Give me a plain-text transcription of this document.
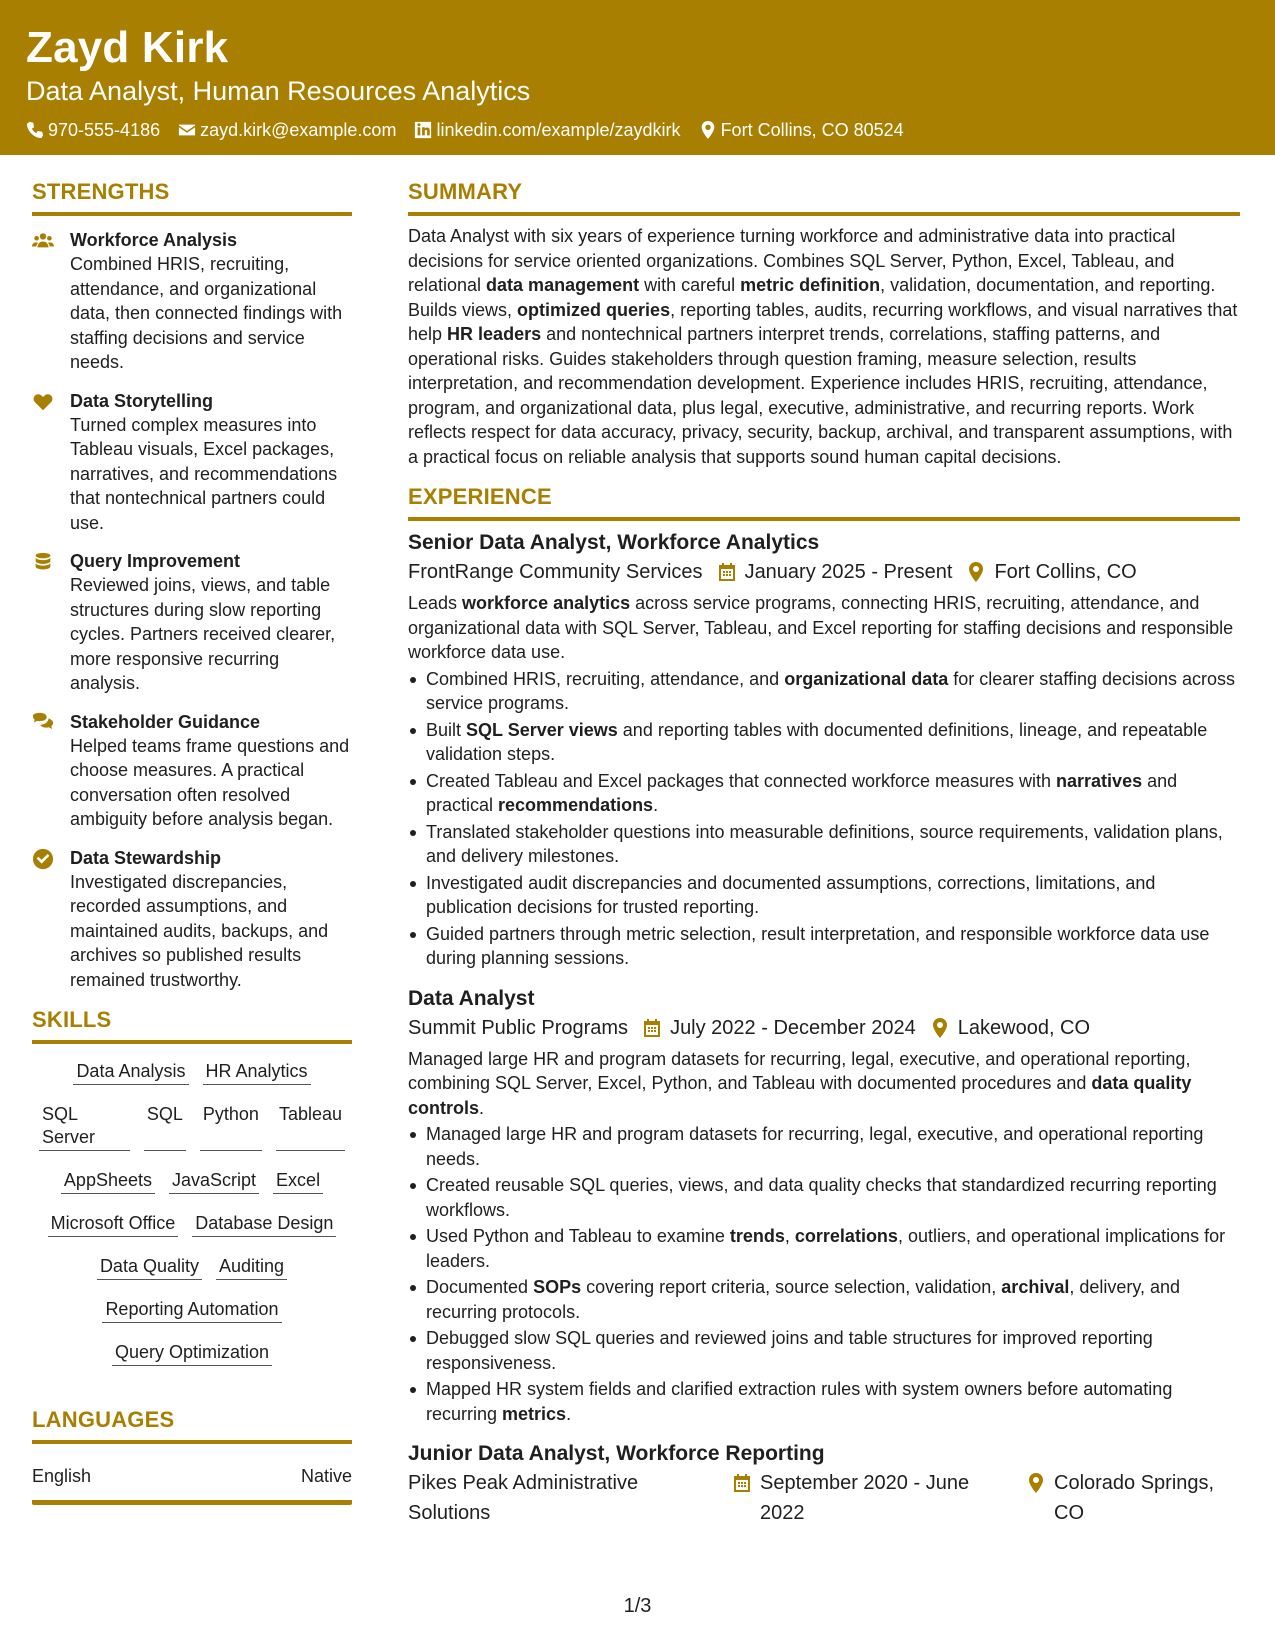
Zayd Kirk
Data Analyst, Human Resources Analytics
970-555-4186 zayd.kirk@example.com linkedin.com/example/zaydkirk Fort Collins, CO 80524
STRENGTHS
Workforce Analysis
Combined HRIS, recruiting, attendance, and organizational data, then connected findings with staffing decisions and service needs.
Data Storytelling
Turned complex measures into Tableau visuals, Excel packages, narratives, and recommendations that nontechnical partners could use.
Query Improvement
Reviewed joins, views, and table structures during slow reporting cycles. Partners received clearer, more responsive recurring analysis.
Stakeholder Guidance
Helped teams frame questions and choose measures. A practical conversation often resolved ambiguity before analysis began.
Data Stewardship
Investigated discrepancies, recorded assumptions, and maintained audits, backups, and archives so published results remained trustworthy.
SKILLS
Data Analysis HR Analytics
SQL Server
SQL Python Tableau
AppSheets JavaScript Excel
Microsoft Office Database Design
Data Quality Auditing
Reporting Automation
Query Optimization
LANGUAGES
English	Native
SUMMARY
Data Analyst with six years of experience turning workforce and administrative data into practical decisions for service oriented organizations. Combines SQL Server, Python, Excel, Tableau, and relational data management with careful metric definition, validation, documentation, and reporting. Builds views, optimized queries, reporting tables, audits, recurring workflows, and visual narratives that help HR leaders and nontechnical partners interpret trends, correlations, staffing patterns, and operational risks. Guides stakeholders through question framing, measure selection, results interpretation, and recommendation development. Experience includes HRIS, recruiting, attendance, program, and organizational data, plus legal, executive, administrative, and recurring reports. Work reflects respect for data accuracy, privacy, security, backup, archival, and transparent assumptions, with a practical focus on reliable analysis that supports sound human capital decisions.
EXPERIENCE
Senior Data Analyst, Workforce Analytics
FrontRange Community Services January 2025 - Present Fort Collins, CO
Leads workforce analytics across service programs, connecting HRIS, recruiting, attendance, and organizational data with SQL Server, Tableau, and Excel reporting for staffing decisions and responsible workforce data use.
Combined HRIS, recruiting, attendance, and organizational data for clearer staffing decisions across service programs.
Built SQL Server views and reporting tables with documented definitions, lineage, and repeatable validation steps.
Created Tableau and Excel packages that connected workforce measures with narratives and practical recommendations.
Translated stakeholder questions into measurable definitions, source requirements, validation plans, and delivery milestones.
Investigated audit discrepancies and documented assumptions, corrections, limitations, and publication decisions for trusted reporting.
Guided partners through metric selection, result interpretation, and responsible workforce data use during planning sessions.
Data Analyst
Summit Public Programs July 2022 - December 2024 Lakewood, CO
Managed large HR and program datasets for recurring, legal, executive, and operational reporting, combining SQL Server, Excel, Python, and Tableau with documented procedures and data quality controls.
Managed large HR and program datasets for recurring, legal, executive, and operational reporting needs.
Created reusable SQL queries, views, and data quality checks that standardized recurring reporting workflows.
Used Python and Tableau to examine trends, correlations, outliers, and operational implications for leaders.
Documented SOPs covering report criteria, source selection, validation, archival, delivery, and recurring protocols.
Debugged slow SQL queries and reviewed joins and table structures for improved reporting responsiveness.
Mapped HR system fields and clarified extraction rules with system owners before automating recurring metrics.
Junior Data Analyst, Workforce Reporting
Pikes Peak Administrative Solutions
September 2020 - June 2022
Colorado Springs, CO
1/3
